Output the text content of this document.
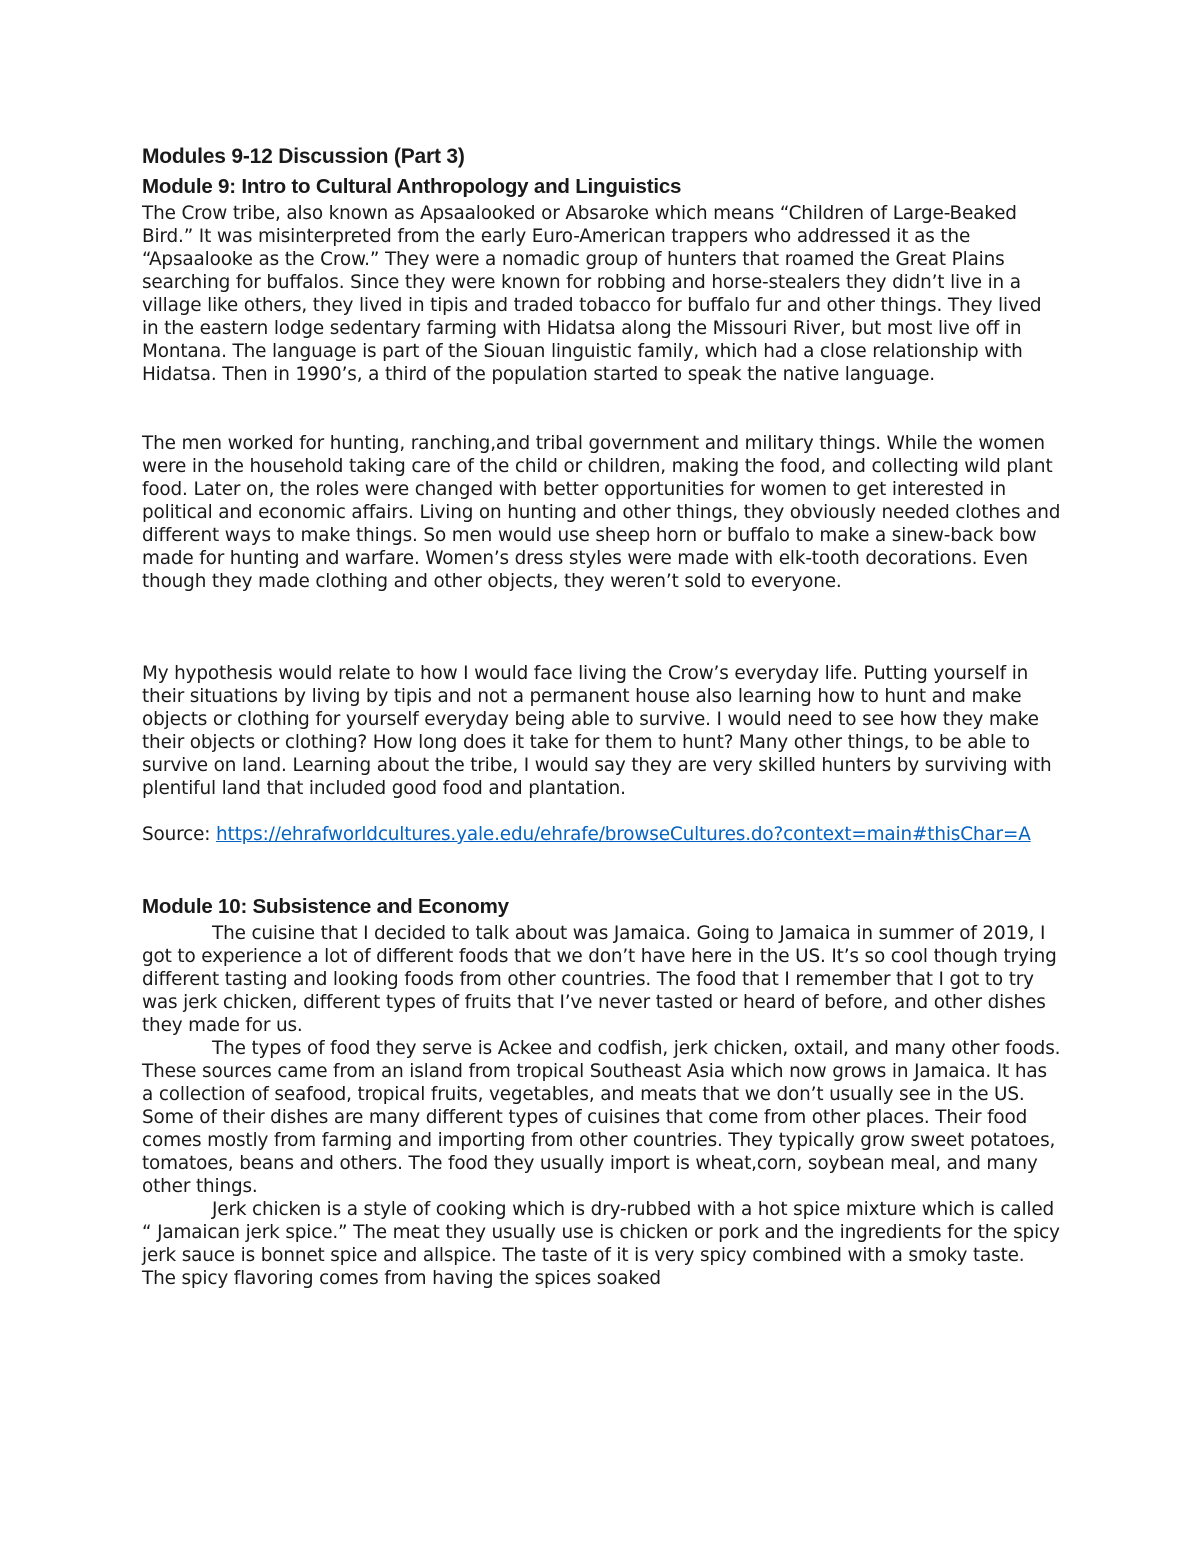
Modules 9-12 Discussion (Part 3)
Module 9: Intro to Cultural Anthropology and Linguistics

The Crow tribe, also known as Apsaalooked or Absaroke which means “Children of Large-Beaked Bird.” It was misinterpreted from the early Euro-American trappers who addressed it as the “Apsaalooke as the Crow.” They were a nomadic group of hunters that roamed the Great Plains searching for buffalos. Since they were known for robbing and horse-stealers they didn’t live in a village like others, they lived in tipis and traded tobacco for buffalo fur and other things. They lived in the eastern lodge sedentary farming with Hidatsa along the Missouri River, but most live off in Montana. The language is part of the Siouan linguistic family, which had a close relationship with Hidatsa. Then in 1990’s, a third of the population started to speak the native language.

The men worked for hunting, ranching,and tribal government and military things. While the women were in the household taking care of the child or children, making the food, and collecting wild plant food. Later on, the roles were changed with better opportunities for women to get interested in political and economic affairs. Living on hunting and other things, they obviously needed clothes and different ways to make things. So men would use sheep horn or buffalo to make a sinew-back bow made for hunting and warfare. Women’s dress styles were made with elk-tooth decorations. Even though they made clothing and other objects, they weren’t sold to everyone.

My hypothesis would relate to how I would face living the Crow’s everyday life. Putting yourself in their situations by living by tipis and not a permanent house also learning how to hunt and make objects or clothing for yourself everyday being able to survive. I would need to see how they make their objects or clothing? How long does it take for them to hunt? Many other things, to be able to survive on land. Learning about the tribe, I would say they are very skilled hunters by surviving with plentiful land that included good food and plantation.

Source: https://ehrafworldcultures.yale.edu/ehrafe/browseCultures.do?context=main#thisChar=A

Module 10: Subsistence and Economy

The cuisine that I decided to talk about was Jamaica. Going to Jamaica in summer of 2019, I got to experience a lot of different foods that we don’t have here in the US. It’s so cool though trying different tasting and looking foods from other countries. The food that I remember that I got to try was jerk chicken, different types of fruits that I’ve never tasted or heard of before, and other dishes they made for us.

The types of food they serve is Ackee and codfish, jerk chicken, oxtail, and many other foods. These sources came from an island from tropical Southeast Asia which now grows in Jamaica. It has a collection of seafood, tropical fruits, vegetables, and meats that we don’t usually see in the US. Some of their dishes are many different types of cuisines that come from other places. Their food comes mostly from farming and importing from other countries. They typically grow sweet potatoes, tomatoes, beans and others. The food they usually import is wheat,corn, soybean meal, and many other things.

Jerk chicken is a style of cooking which is dry-rubbed with a hot spice mixture which is called “ Jamaican jerk spice.” The meat they usually use is chicken or pork and the ingredients for the spicy jerk sauce is bonnet spice and allspice. The taste of it is very spicy combined with a smoky taste. The spicy flavoring comes from having the spices soaked
